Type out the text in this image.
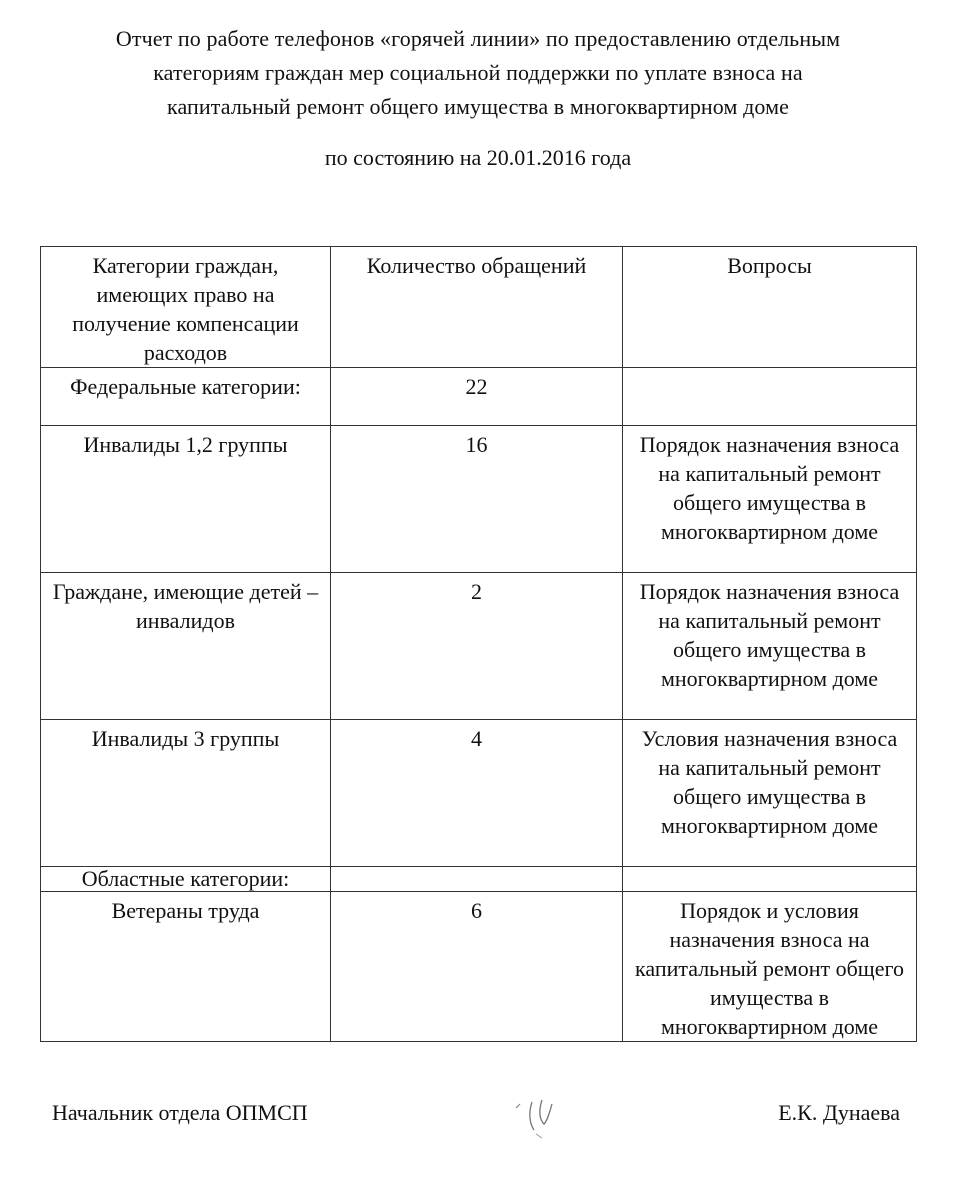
Отчет по работе телефонов «горячей линии» по предоставлению отдельным
категориям граждан мер социальной поддержки по уплате взноса на
капитальный ремонт общего имущества в многоквартирном доме
по состоянию на 20.01.2016 года
Категории граждан, имеющих право на получение компенсации расходов	Количество обращений	Вопросы
Федеральные категории:	22	
Инвалиды 1,2 группы	16	Порядок назначения взноса на капитальный ремонт общего имущества в многоквартирном доме
Граждане, имеющие детей – инвалидов	2	Порядок назначения взноса на капитальный ремонт общего имущества в многоквартирном доме
Инвалиды 3 группы	4	Условия назначения взноса на капитальный ремонт общего имущества в многоквартирном доме
Областные категории:		
Ветераны труда	6	Порядок и условия назначения взноса на капитальный ремонт общего имущества в многоквартирном доме
Начальник отдела ОПМСП	Е.К. Дунаева
